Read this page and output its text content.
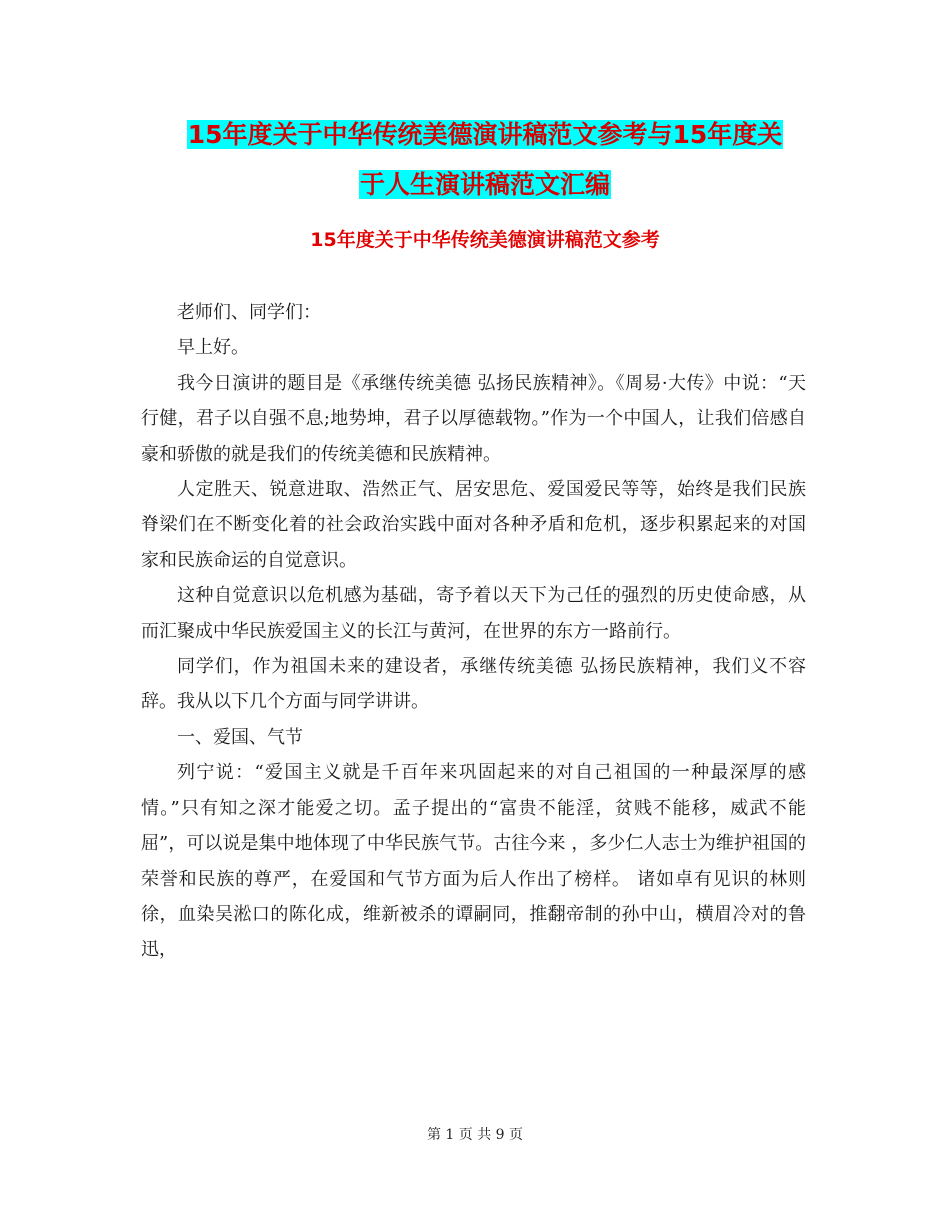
15年度关于中华传统美德演讲稿范文参考与15年度关
于人生演讲稿范文汇编
15年度关于中华传统美德演讲稿范文参考

老师们、同学们：

早上好。

我今日演讲的题目是《承继传统美德 弘扬民族精神》。《周易·大传》中说：“天行健，君子以自强不息;地势坤，君子以厚德载物。”作为一个中国人，让我们倍感自豪和骄傲的就是我们的传统美德和民族精神。

人定胜天、锐意进取、浩然正气、居安思危、爱国爱民等等，始终是我们民族脊梁们在不断变化着的社会政治实践中面对各种矛盾和危机，逐步积累起来的对国家和民族命运的自觉意识。

这种自觉意识以危机感为基础，寄予着以天下为己任的强烈的历史使命感，从而汇聚成中华民族爱国主义的长江与黄河，在世界的东方一路前行。

同学们，作为祖国未来的建设者，承继传统美德 弘扬民族精神，我们义不容辞。我从以下几个方面与同学讲讲。

一、爱国、气节

列宁说：“爱国主义就是千百年来巩固起来的对自己祖国的一种最深厚的感情。”只有知之深才能爱之切。孟子提出的“富贵不能淫，贫贱不能移，威武不能屈”，可以说是集中地体现了中华民族气节。古往今来 ，多少仁人志士为维护祖国的荣誉和民族的尊严，在爱国和气节方面为后人作出了榜样。 诸如卓有见识的林则徐，血染吴淞口的陈化成，维新被杀的谭嗣同，推翻帝制的孙中山，横眉冷对的鲁迅，

第 1 页 共 9 页
